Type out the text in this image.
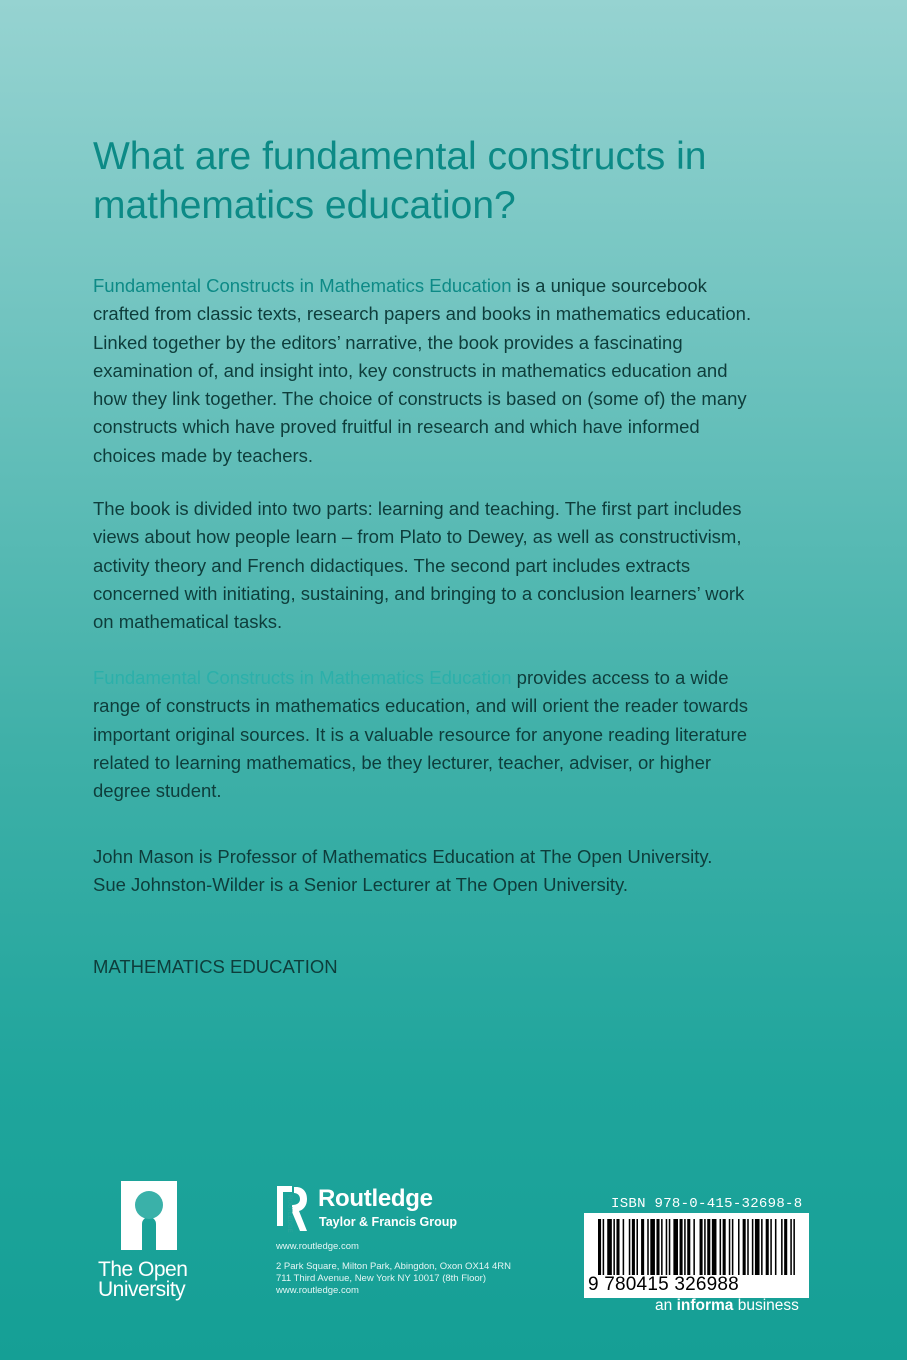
What are fundamental constructs in
mathematics education?

Fundamental Constructs in Mathematics Education is a unique sourcebook
crafted from classic texts, research papers and books in mathematics education.
Linked together by the editors’ narrative, the book provides a fascinating
examination of, and insight into, key constructs in mathematics education and
how they link together. The choice of constructs is based on (some of) the many
constructs which have proved fruitful in research and which have informed
choices made by teachers.

The book is divided into two parts: learning and teaching. The first part includes
views about how people learn – from Plato to Dewey, as well as constructivism,
activity theory and French didactiques. The second part includes extracts
concerned with initiating, sustaining, and bringing to a conclusion learners’ work
on mathematical tasks.

Fundamental Constructs in Mathematics Education provides access to a wide
range of constructs in mathematics education, and will orient the reader towards
important original sources. It is a valuable resource for anyone reading literature
related to learning mathematics, be they lecturer, teacher, adviser, or higher
degree student.

John Mason is Professor of Mathematics Education at The Open University.
Sue Johnston-Wilder is a Senior Lecturer at The Open University.

MATHEMATICS EDUCATION

The Open
University
ROUTLEDGE Routledge
Taylor & Francis Group
www.routledge.com
2 Park Square, Milton Park, Abingdon, Oxon OX14 4RN
711 Third Avenue, New York NY 10017 (8th Floor)
www.routledge.com
ISBN 978-0-415-32698-8
9 780415 326988
an informa business
